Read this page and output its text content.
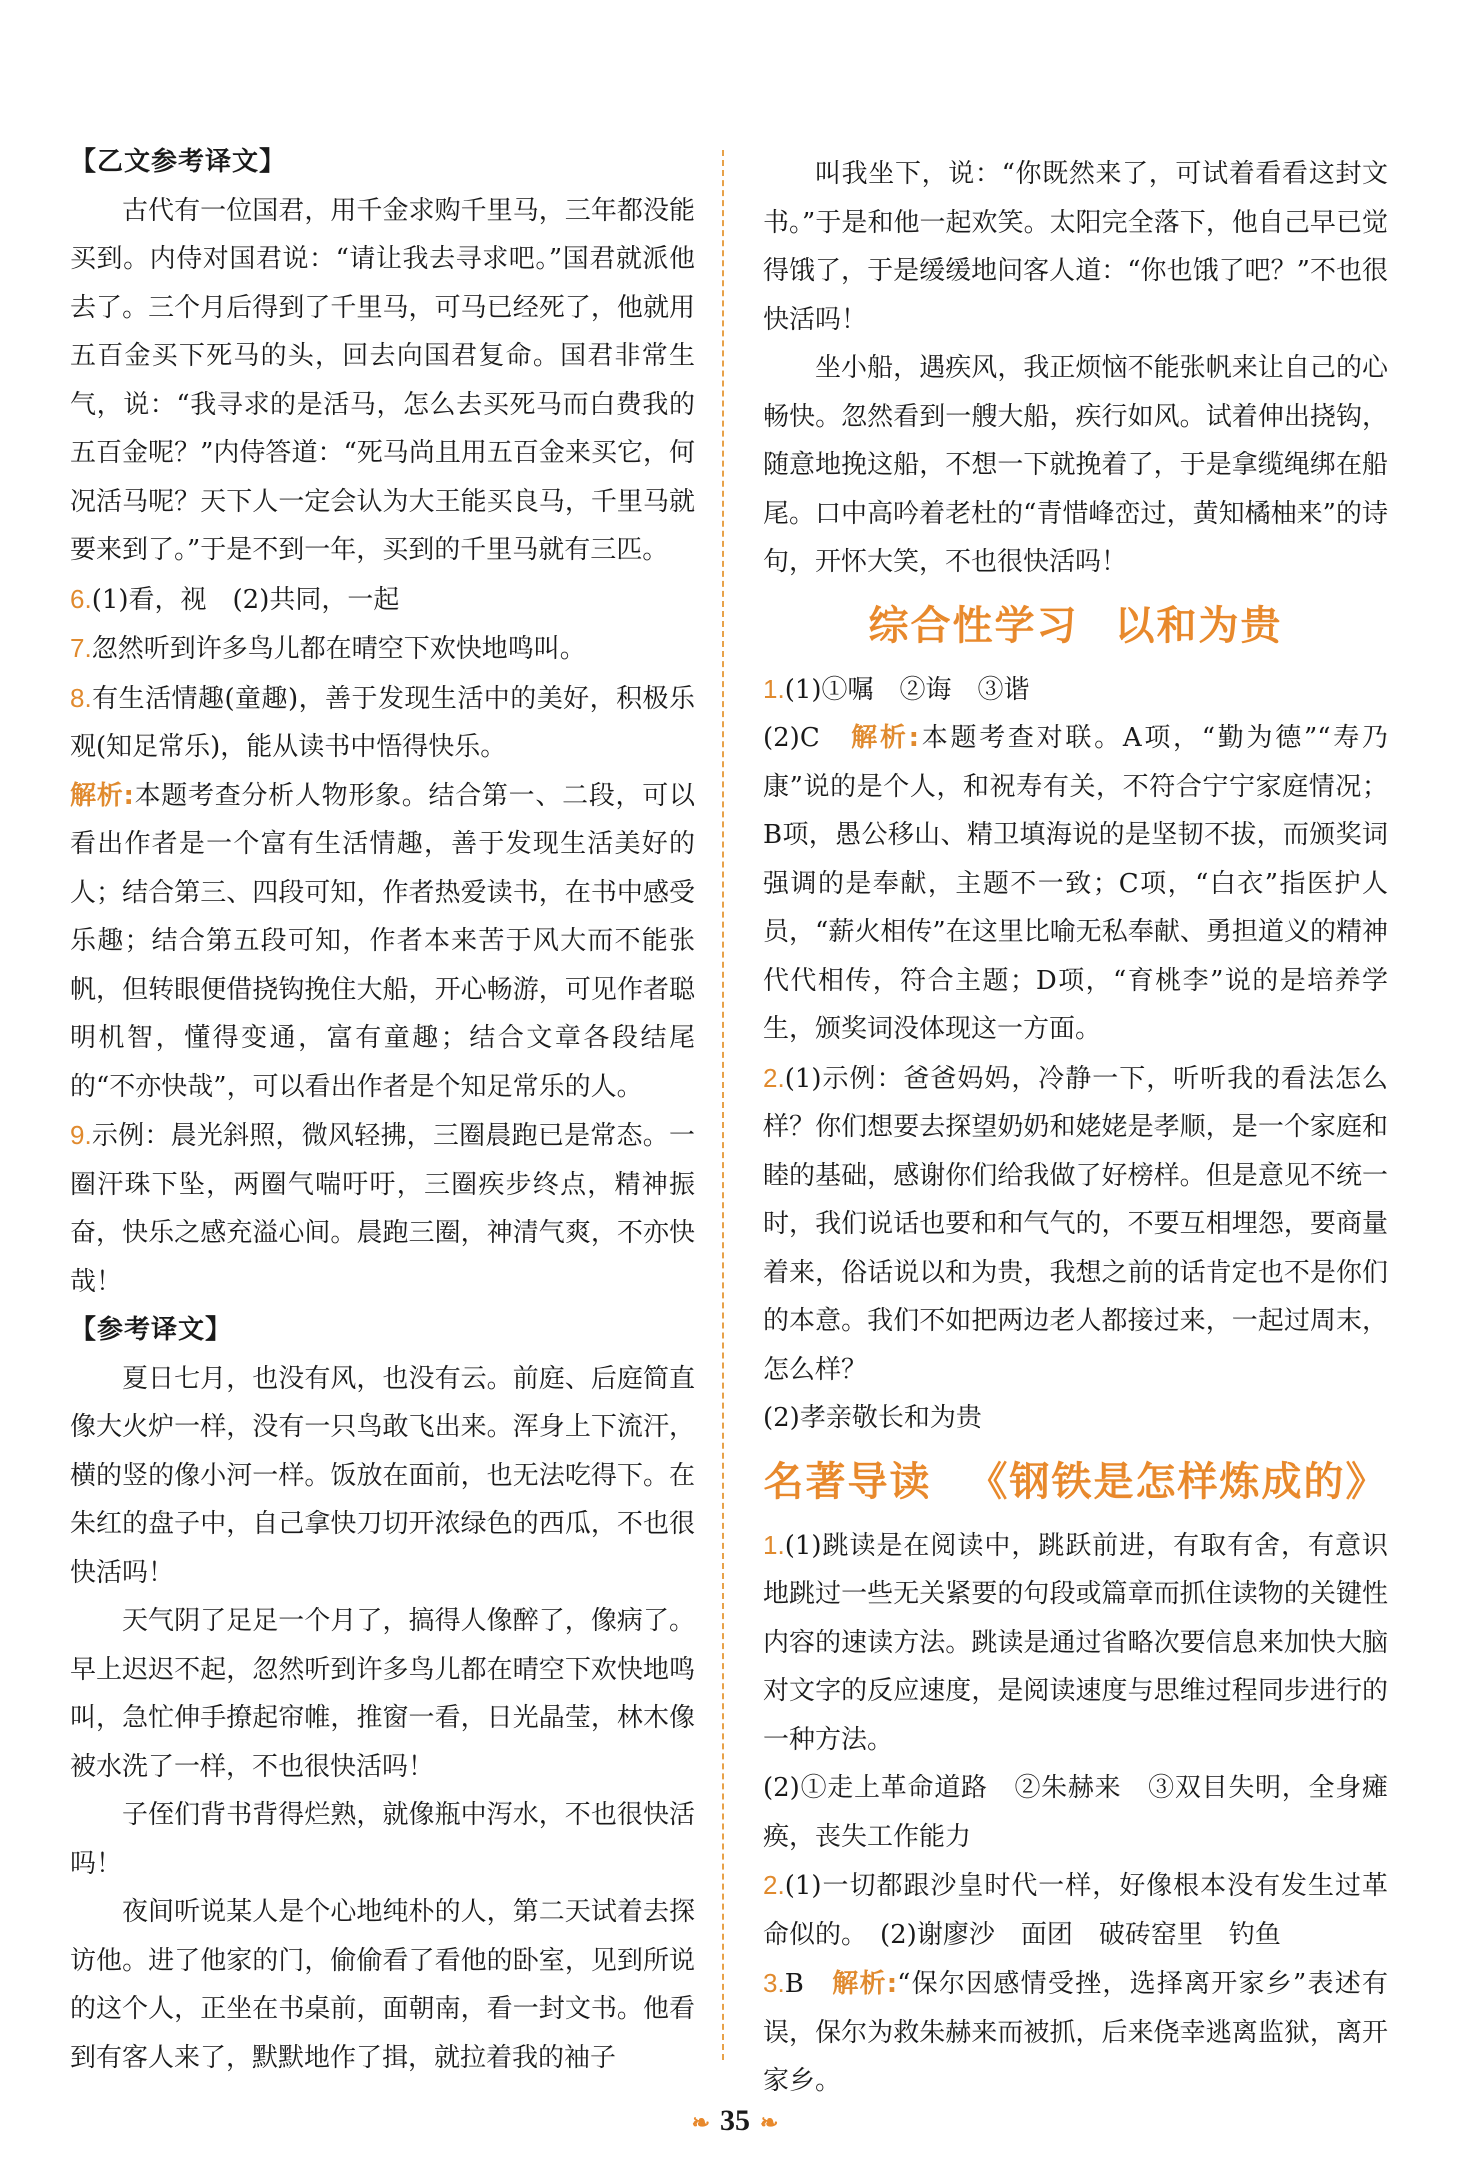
【乙文参考译文】

古代有一位国君，用千金求购千里马，三年都没能买到。内侍对国君说：“请让我去寻求吧。”国君就派他去了。三个月后得到了千里马，可马已经死了，他就用五百金买下死马的头，回去向国君复命。国君非常生气，说：“我寻求的是活马，怎么去买死马而白费我的五百金呢？”内侍答道：“死马尚且用五百金来买它，何况活马呢？天下人一定会认为大王能买良马，千里马就要来到了。”于是不到一年，买到的千里马就有三匹。

6.(1)看，视　(2)共同，一起

7.忽然听到许多鸟儿都在晴空下欢快地鸣叫。

8.有生活情趣(童趣)，善于发现生活中的美好，积极乐观(知足常乐)，能从读书中悟得快乐。

解析:本题考查分析人物形象。结合第一、二段，可以看出作者是一个富有生活情趣，善于发现生活美好的人；结合第三、四段可知，作者热爱读书，在书中感受乐趣；结合第五段可知，作者本来苦于风大而不能张帆，但转眼便借挠钩挽住大船，开心畅游，可见作者聪明机智，懂得变通，富有童趣；结合文章各段结尾的“不亦快哉”，可以看出作者是个知足常乐的人。

9.示例：晨光斜照，微风轻拂，三圈晨跑已是常态。一圈汗珠下坠，两圈气喘吁吁，三圈疾步终点，精神振奋，快乐之感充溢心间。晨跑三圈，神清气爽，不亦快哉！

【参考译文】

夏日七月，也没有风，也没有云。前庭、后庭简直像大火炉一样，没有一只鸟敢飞出来。浑身上下流汗，横的竖的像小河一样。饭放在面前，也无法吃得下。在朱红的盘子中，自己拿快刀切开浓绿色的西瓜，不也很快活吗！

天气阴了足足一个月了，搞得人像醉了，像病了。早上迟迟不起，忽然听到许多鸟儿都在晴空下欢快地鸣叫，急忙伸手撩起帘帷，推窗一看，日光晶莹，林木像被水洗了一样，不也很快活吗！

子侄们背书背得烂熟，就像瓶中泻水，不也很快活吗！

夜间听说某人是个心地纯朴的人，第二天试着去探访他。进了他家的门，偷偷看了看他的卧室，见到所说的这个人，正坐在书桌前，面朝南，看一封文书。他看到有客人来了，默默地作了揖，就拉着我的袖子

叫我坐下，说：“你既然来了，可试着看看这封文书。”于是和他一起欢笑。太阳完全落下，他自己早已觉得饿了，于是缓缓地问客人道：“你也饿了吧？”不也很快活吗！

坐小船，遇疾风，我正烦恼不能张帆来让自己的心畅快。忽然看到一艘大船，疾行如风。试着伸出挠钩，随意地挽这船，不想一下就挽着了，于是拿缆绳绑在船尾。口中高吟着老杜的“青惜峰峦过，黄知橘柚来”的诗句，开怀大笑，不也很快活吗！

综合性学习 以和为贵

1.(1)①嘱　②诲　③谐

(2)C　解析:本题考查对联。A项，“勤为德”“寿乃康”说的是个人，和祝寿有关，不符合宁宁家庭情况；B项，愚公移山、精卫填海说的是坚韧不拔，而颁奖词强调的是奉献，主题不一致；C项，“白衣”指医护人员，“薪火相传”在这里比喻无私奉献、勇担道义的精神代代相传，符合主题；D项，“育桃李”说的是培养学生，颁奖词没体现这一方面。

2.(1)示例：爸爸妈妈，冷静一下，听听我的看法怎么样？你们想要去探望奶奶和姥姥是孝顺，是一个家庭和睦的基础，感谢你们给我做了好榜样。但是意见不统一时，我们说话也要和和气气的，不要互相埋怨，要商量着来，俗话说以和为贵，我想之前的话肯定也不是你们的本意。我们不如把两边老人都接过来，一起过周末，怎么样？

(2)孝亲敬长和为贵

名著导读 《钢铁是怎样炼成的》

1.(1)跳读是在阅读中，跳跃前进，有取有舍，有意识地跳过一些无关紧要的句段或篇章而抓住读物的关键性内容的速读方法。跳读是通过省略次要信息来加快大脑对文字的反应速度，是阅读速度与思维过程同步进行的一种方法。

(2)①走上革命道路　②朱赫来　③双目失明，全身瘫痪，丧失工作能力

2.(1)一切都跟沙皇时代一样，好像根本没有发生过革命似的。　(2)谢廖沙　面团　破砖窑里　钓鱼

3.B　解析:“保尔因感情受挫，选择离开家乡”表述有误，保尔为救朱赫来而被抓，后来侥幸逃离监狱，离开家乡。

❧ 35 ❧
